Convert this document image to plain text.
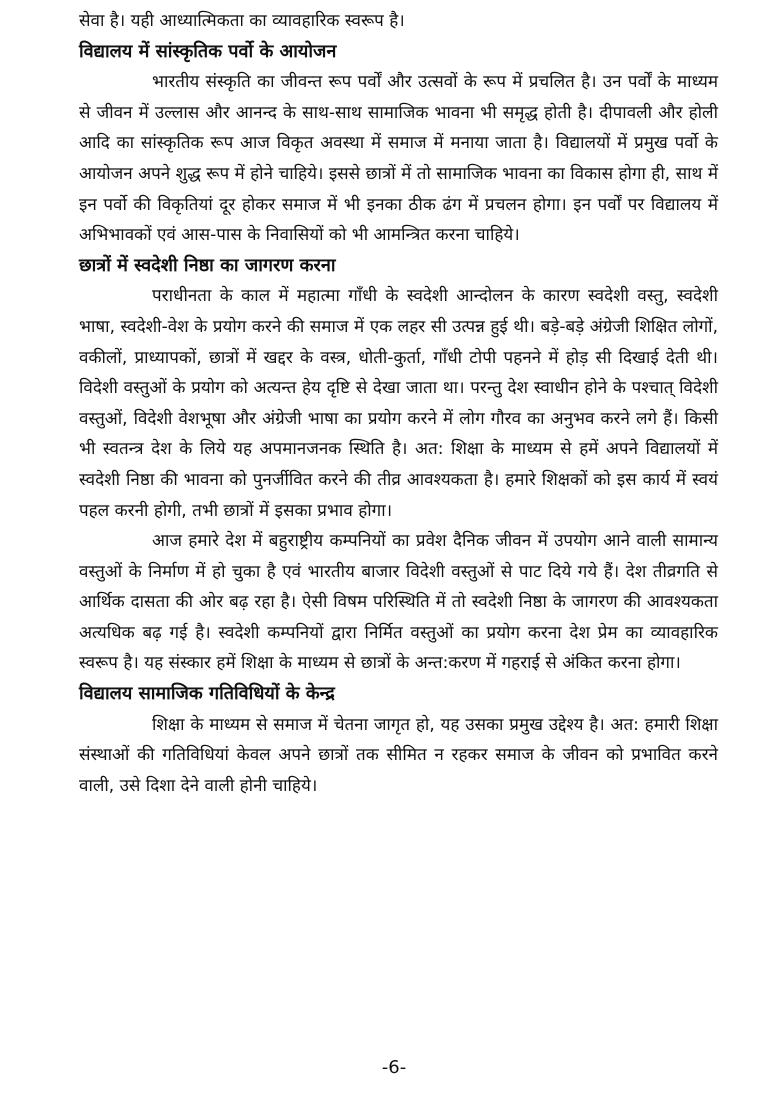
सेवा है। यही आध्यात्मिकता का व्यावहारिक स्वरूप है।

विद्यालय में सांस्कृतिक पर्वो के आयोजन

भारतीय संस्कृति का जीवन्त रूप पर्वों और उत्सवों के रूप में प्रचलित है। उन पर्वों के माध्यम से जीवन में उल्लास और आनन्द के साथ-साथ सामाजिक भावना भी समृद्ध होती है। दीपावली और होली आदि का सांस्कृतिक रूप आज विकृत अवस्था में समाज में मनाया जाता है। विद्यालयों में प्रमुख पर्वो के आयोजन अपने शुद्ध रूप में होने चाहिये। इससे छात्रों में तो सामाजिक भावना का विकास होगा ही, साथ में इन पर्वो की विकृतियां दूर होकर समाज में भी इनका ठीक ढंग में प्रचलन होगा। इन पर्वों पर विद्यालय में अभिभावकों एवं आस-पास के निवासियों को भी आमन्त्रित करना चाहिये।

छात्रों में स्वदेशी निष्ठा का जागरण करना

पराधीनता के काल में महात्मा गाँधी के स्वदेशी आन्दोलन के कारण स्वदेशी वस्तु, स्वदेशी भाषा, स्वदेशी-वेश के प्रयोग करने की समाज में एक लहर सी उत्पन्न हुई थी। बड़े-बड़े अंग्रेजी शिक्षित लोगों, वकीलों, प्राध्यापकों, छात्रों में खद्दर के वस्त्र, धोती-कुर्ता, गाँधी टोपी पहनने में होड़ सी दिखाई देती थी। विदेशी वस्तुओं के प्रयोग को अत्यन्त हेय दृष्टि से देखा जाता था। परन्तु देश स्वाधीन होने के पश्चात् विदेशी वस्तुओं, विदेशी वेशभूषा और अंग्रेजी भाषा का प्रयोग करने में लोग गौरव का अनुभव करने लगे हैं। किसी भी स्वतन्त्र देश के लिये यह अपमानजनक स्थिति है। अत: शिक्षा के माध्यम से हमें अपने विद्यालयों में स्वदेशी निष्ठा की भावना को पुनर्जीवित करने की तीव्र आवश्यकता है। हमारे शिक्षकों को इस कार्य में स्वयं पहल करनी होगी, तभी छात्रों में इसका प्रभाव होगा।

आज हमारे देश में बहुराष्ट्रीय कम्पनियों का प्रवेश दैनिक जीवन में उपयोग आने वाली सामान्य वस्तुओं के निर्माण में हो चुका है एवं भारतीय बाजार विदेशी वस्तुओं से पाट दिये गये हैं। देश तीव्रगति से आर्थिक दासता की ओर बढ़ रहा है। ऐसी विषम परिस्थिति में तो स्वदेशी निष्ठा के जागरण की आवश्यकता अत्यधिक बढ़ गई है। स्वदेशी कम्पनियों द्वारा निर्मित वस्तुओं का प्रयोग करना देश प्रेम का व्यावहारिक स्वरूप है। यह संस्कार हमें शिक्षा के माध्यम से छात्रों के अन्त:करण में गहराई से अंकित करना होगा।

विद्यालय सामाजिक गतिविधियों के केन्द्र

शिक्षा के माध्यम से समाज में चेतना जागृत हो, यह उसका प्रमुख उद्देश्य है। अत: हमारी शिक्षा संस्थाओं की गतिविधियां केवल अपने छात्रों तक सीमित न रहकर समाज के जीवन को प्रभावित करने वाली, उसे दिशा देने वाली होनी चाहिये।

-6-
